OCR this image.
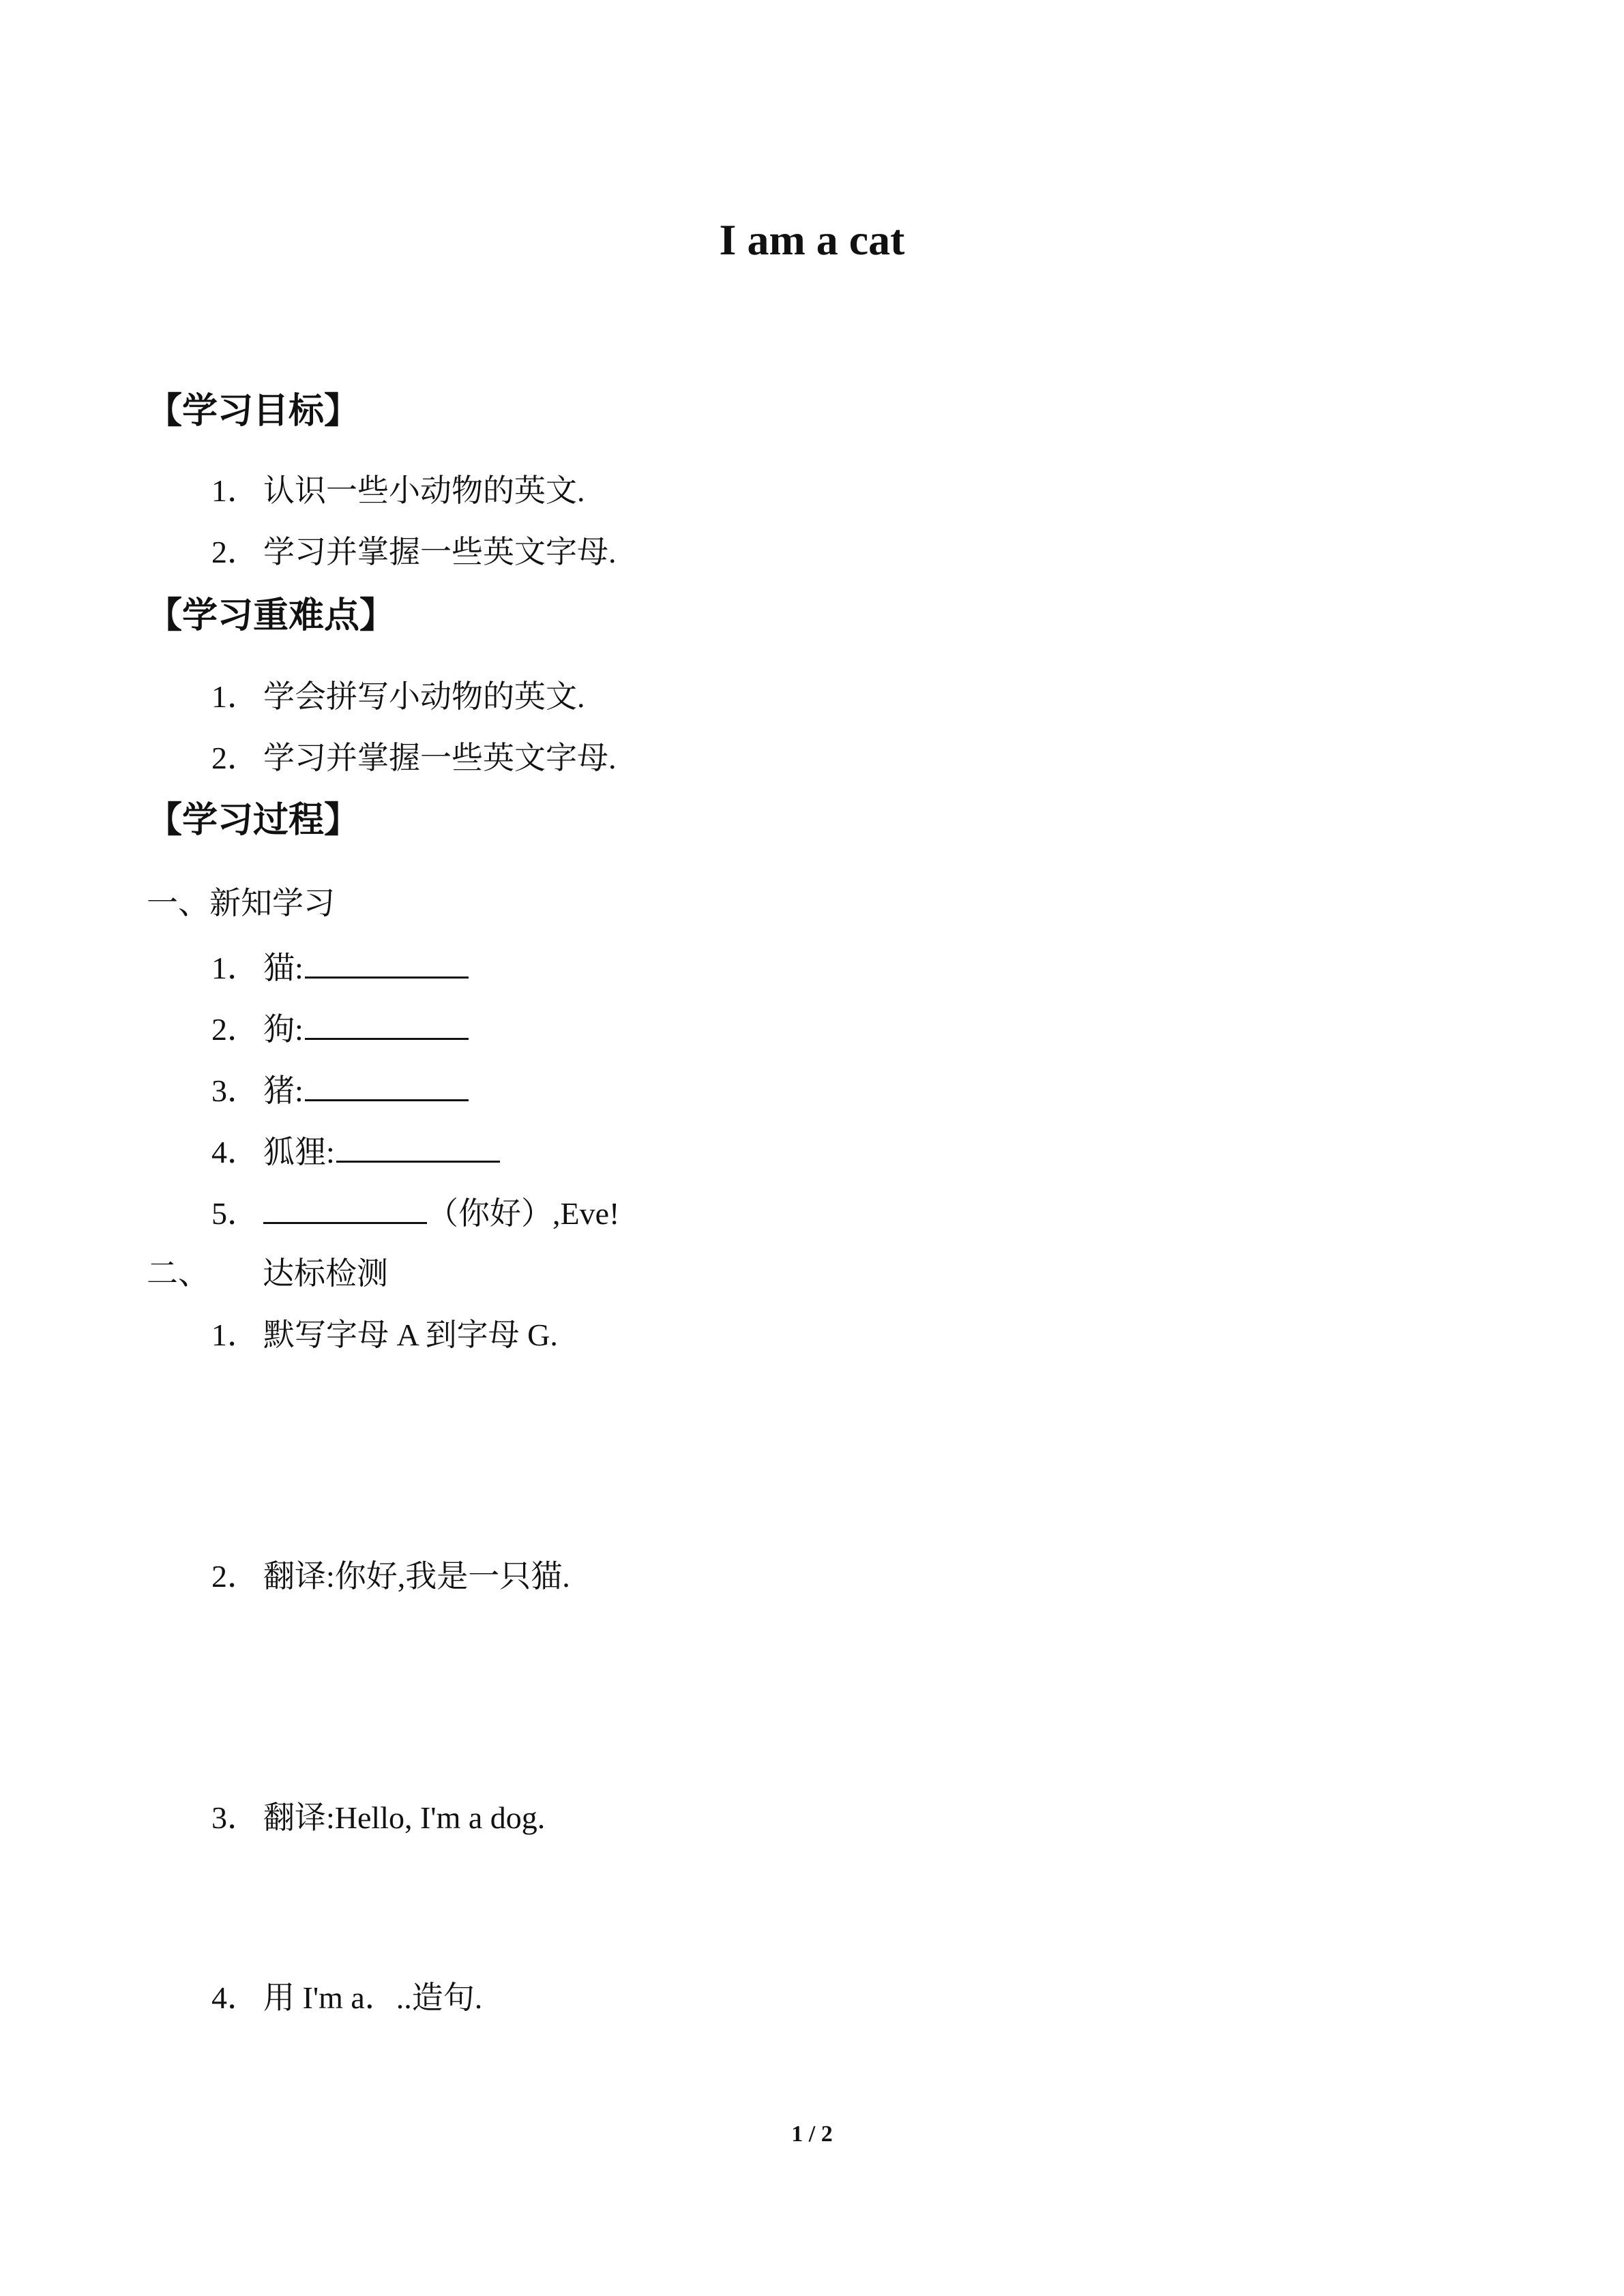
I am a cat
【学习目标】
1． 认识一些小动物的英文.
2． 学习并掌握一些英文字母.
【学习重难点】
1． 学会拼写小动物的英文.
2． 学习并掌握一些英文字母.
【学习过程】
一、新知学习
1． 猫:
2． 狗:
3． 猪:
4． 狐狸:
5．	（你好）,Eve!
二、 达标检测
1． 默写字母 A 到字母 G.
2． 翻译:你好,我是一只猫.
3． 翻译:Hello, I'm a dog.
4． 用 I'm a．..造句.
1 / 2
